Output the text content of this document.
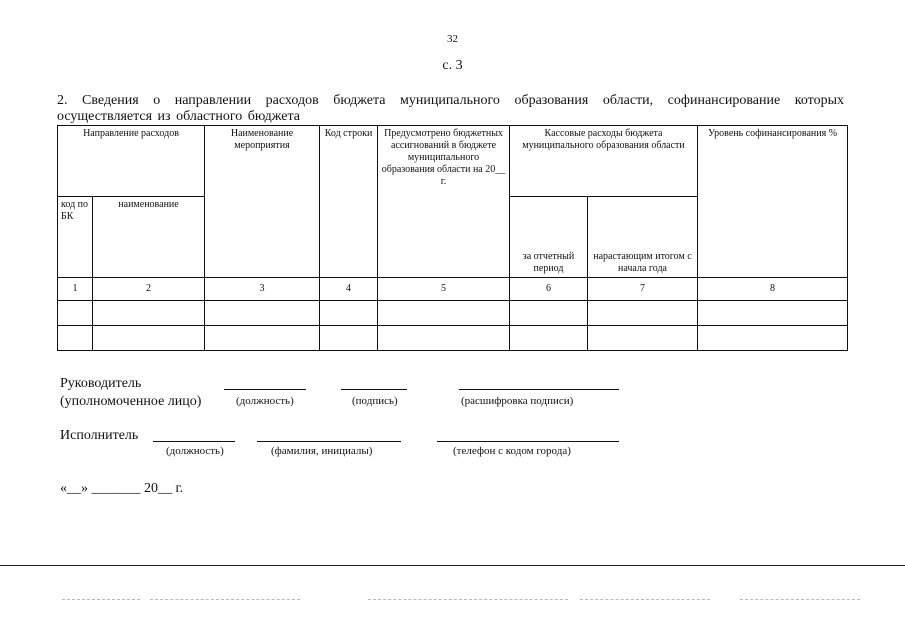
32
с. 3
2. Сведения о направлении расходов бюджета муниципального образования области, софинансирование которых осуществляется из областного бюджета
Направление расходов		Наименование мероприятия	Код строки	Предусмотрено бюджетных ассигнований в бюджете муниципального образования области на 20__ г.	Кассовые расходы бюджета муниципального образования области		Уровень софинансирования %
код по БК	наименование				за отчетный период	нарастающим итогом с начала года	
1	2	3	4	5	6	7	8

Руководитель
(уполномоченное лицо)	(должность)	(подпись)	(расшифровка подписи)
Исполнитель
(должность)	(фамилия, инициалы)	(телефон с кодом города)
«__» _______ 20__ г.
